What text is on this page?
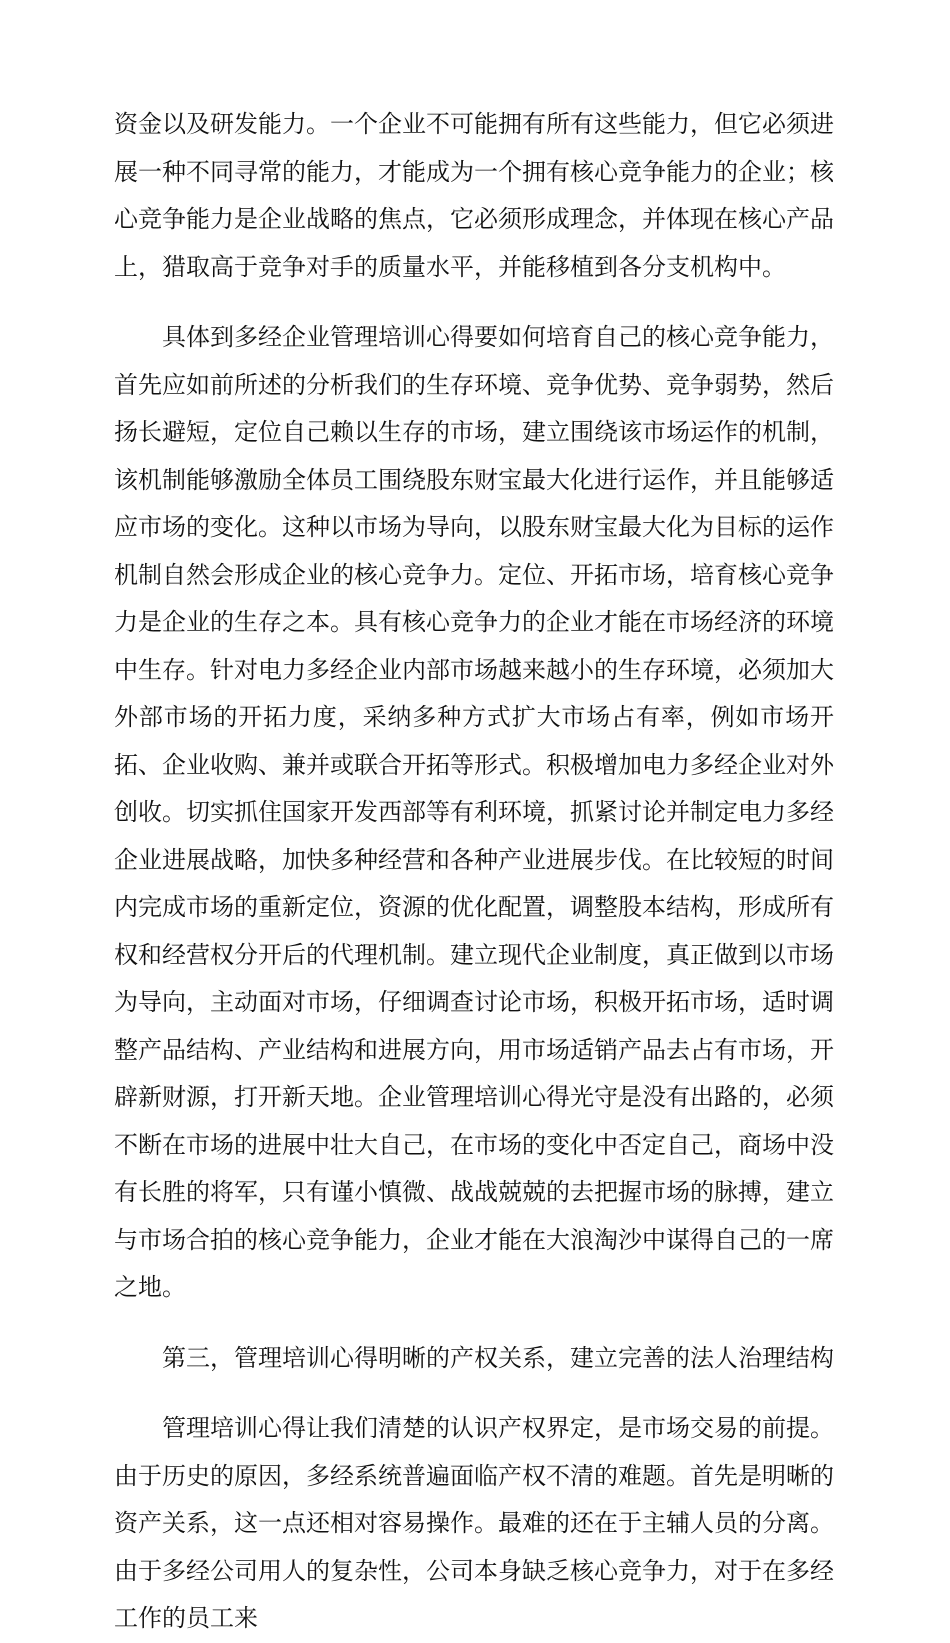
资金以及研发能力。一个企业不可能拥有所有这些能力，但它必须进展一种不同寻常的能力，才能成为一个拥有核心竞争能力的企业；核心竞争能力是企业战略的焦点，它必须形成理念，并体现在核心产品上，猎取高于竞争对手的质量水平，并能移植到各分支机构中。

具体到多经企业管理培训心得要如何培育自己的核心竞争能力，首先应如前所述的分析我们的生存环境、竞争优势、竞争弱势，然后扬长避短，定位自己赖以生存的市场，建立围绕该市场运作的机制，该机制能够激励全体员工围绕股东财宝最大化进行运作，并且能够适应市场的变化。这种以市场为导向，以股东财宝最大化为目标的运作机制自然会形成企业的核心竞争力。定位、开拓市场，培育核心竞争力是企业的生存之本。具有核心竞争力的企业才能在市场经济的环境中生存。针对电力多经企业内部市场越来越小的生存环境，必须加大外部市场的开拓力度，采纳多种方式扩大市场占有率，例如市场开拓、企业收购、兼并或联合开拓等形式。积极增加电力多经企业对外创收。切实抓住国家开发西部等有利环境，抓紧讨论并制定电力多经企业进展战略，加快多种经营和各种产业进展步伐。在比较短的时间内完成市场的重新定位，资源的优化配置，调整股本结构，形成所有权和经营权分开后的代理机制。建立现代企业制度，真正做到以市场为导向，主动面对市场，仔细调查讨论市场，积极开拓市场，适时调整产品结构、产业结构和进展方向，用市场适销产品去占有市场，开辟新财源，打开新天地。企业管理培训心得光守是没有出路的，必须不断在市场的进展中壮大自己，在市场的变化中否定自己，商场中没有长胜的将军，只有谨小慎微、战战兢兢的去把握市场的脉搏，建立与市场合拍的核心竞争能力，企业才能在大浪淘沙中谋得自己的一席之地。

第三，管理培训心得明晰的产权关系，建立完善的法人治理结构

管理培训心得让我们清楚的认识产权界定，是市场交易的前提。由于历史的原因，多经系统普遍面临产权不清的难题。首先是明晰的资产关系，这一点还相对容易操作。最难的还在于主辅人员的分离。由于多经公司用人的复杂性，公司本身缺乏核心竞争力，对于在多经工作的员工来
